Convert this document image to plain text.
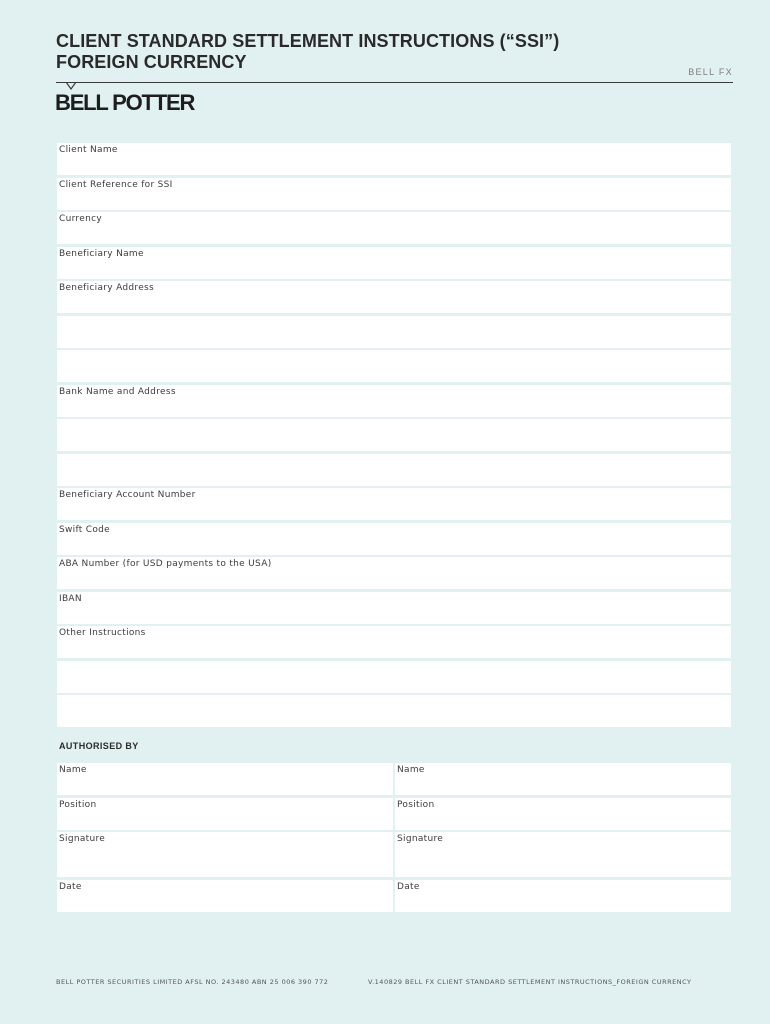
CLIENT STANDARD SETTLEMENT INSTRUCTIONS (“SSI”)
FOREIGN CURRENCY	BELL FX
BELL POTTER
Client Name
Client Reference for SSI
Currency
Beneficiary Name
Beneficiary Address
Bank Name and Address
Beneficiary Account Number
Swift Code
ABA Number (for USD payments to the USA)
IBAN
Other Instructions
AUTHORISED BY
Name	Name
Position	Position
Signature	Signature
Date	Date
BELL POTTER SECURITIES LIMITED AFSL NO. 243480 ABN 25 006 390 772	V.140829 BELL FX CLIENT STANDARD SETTLEMENT INSTRUCTIONS_FOREIGN CURRENCY
